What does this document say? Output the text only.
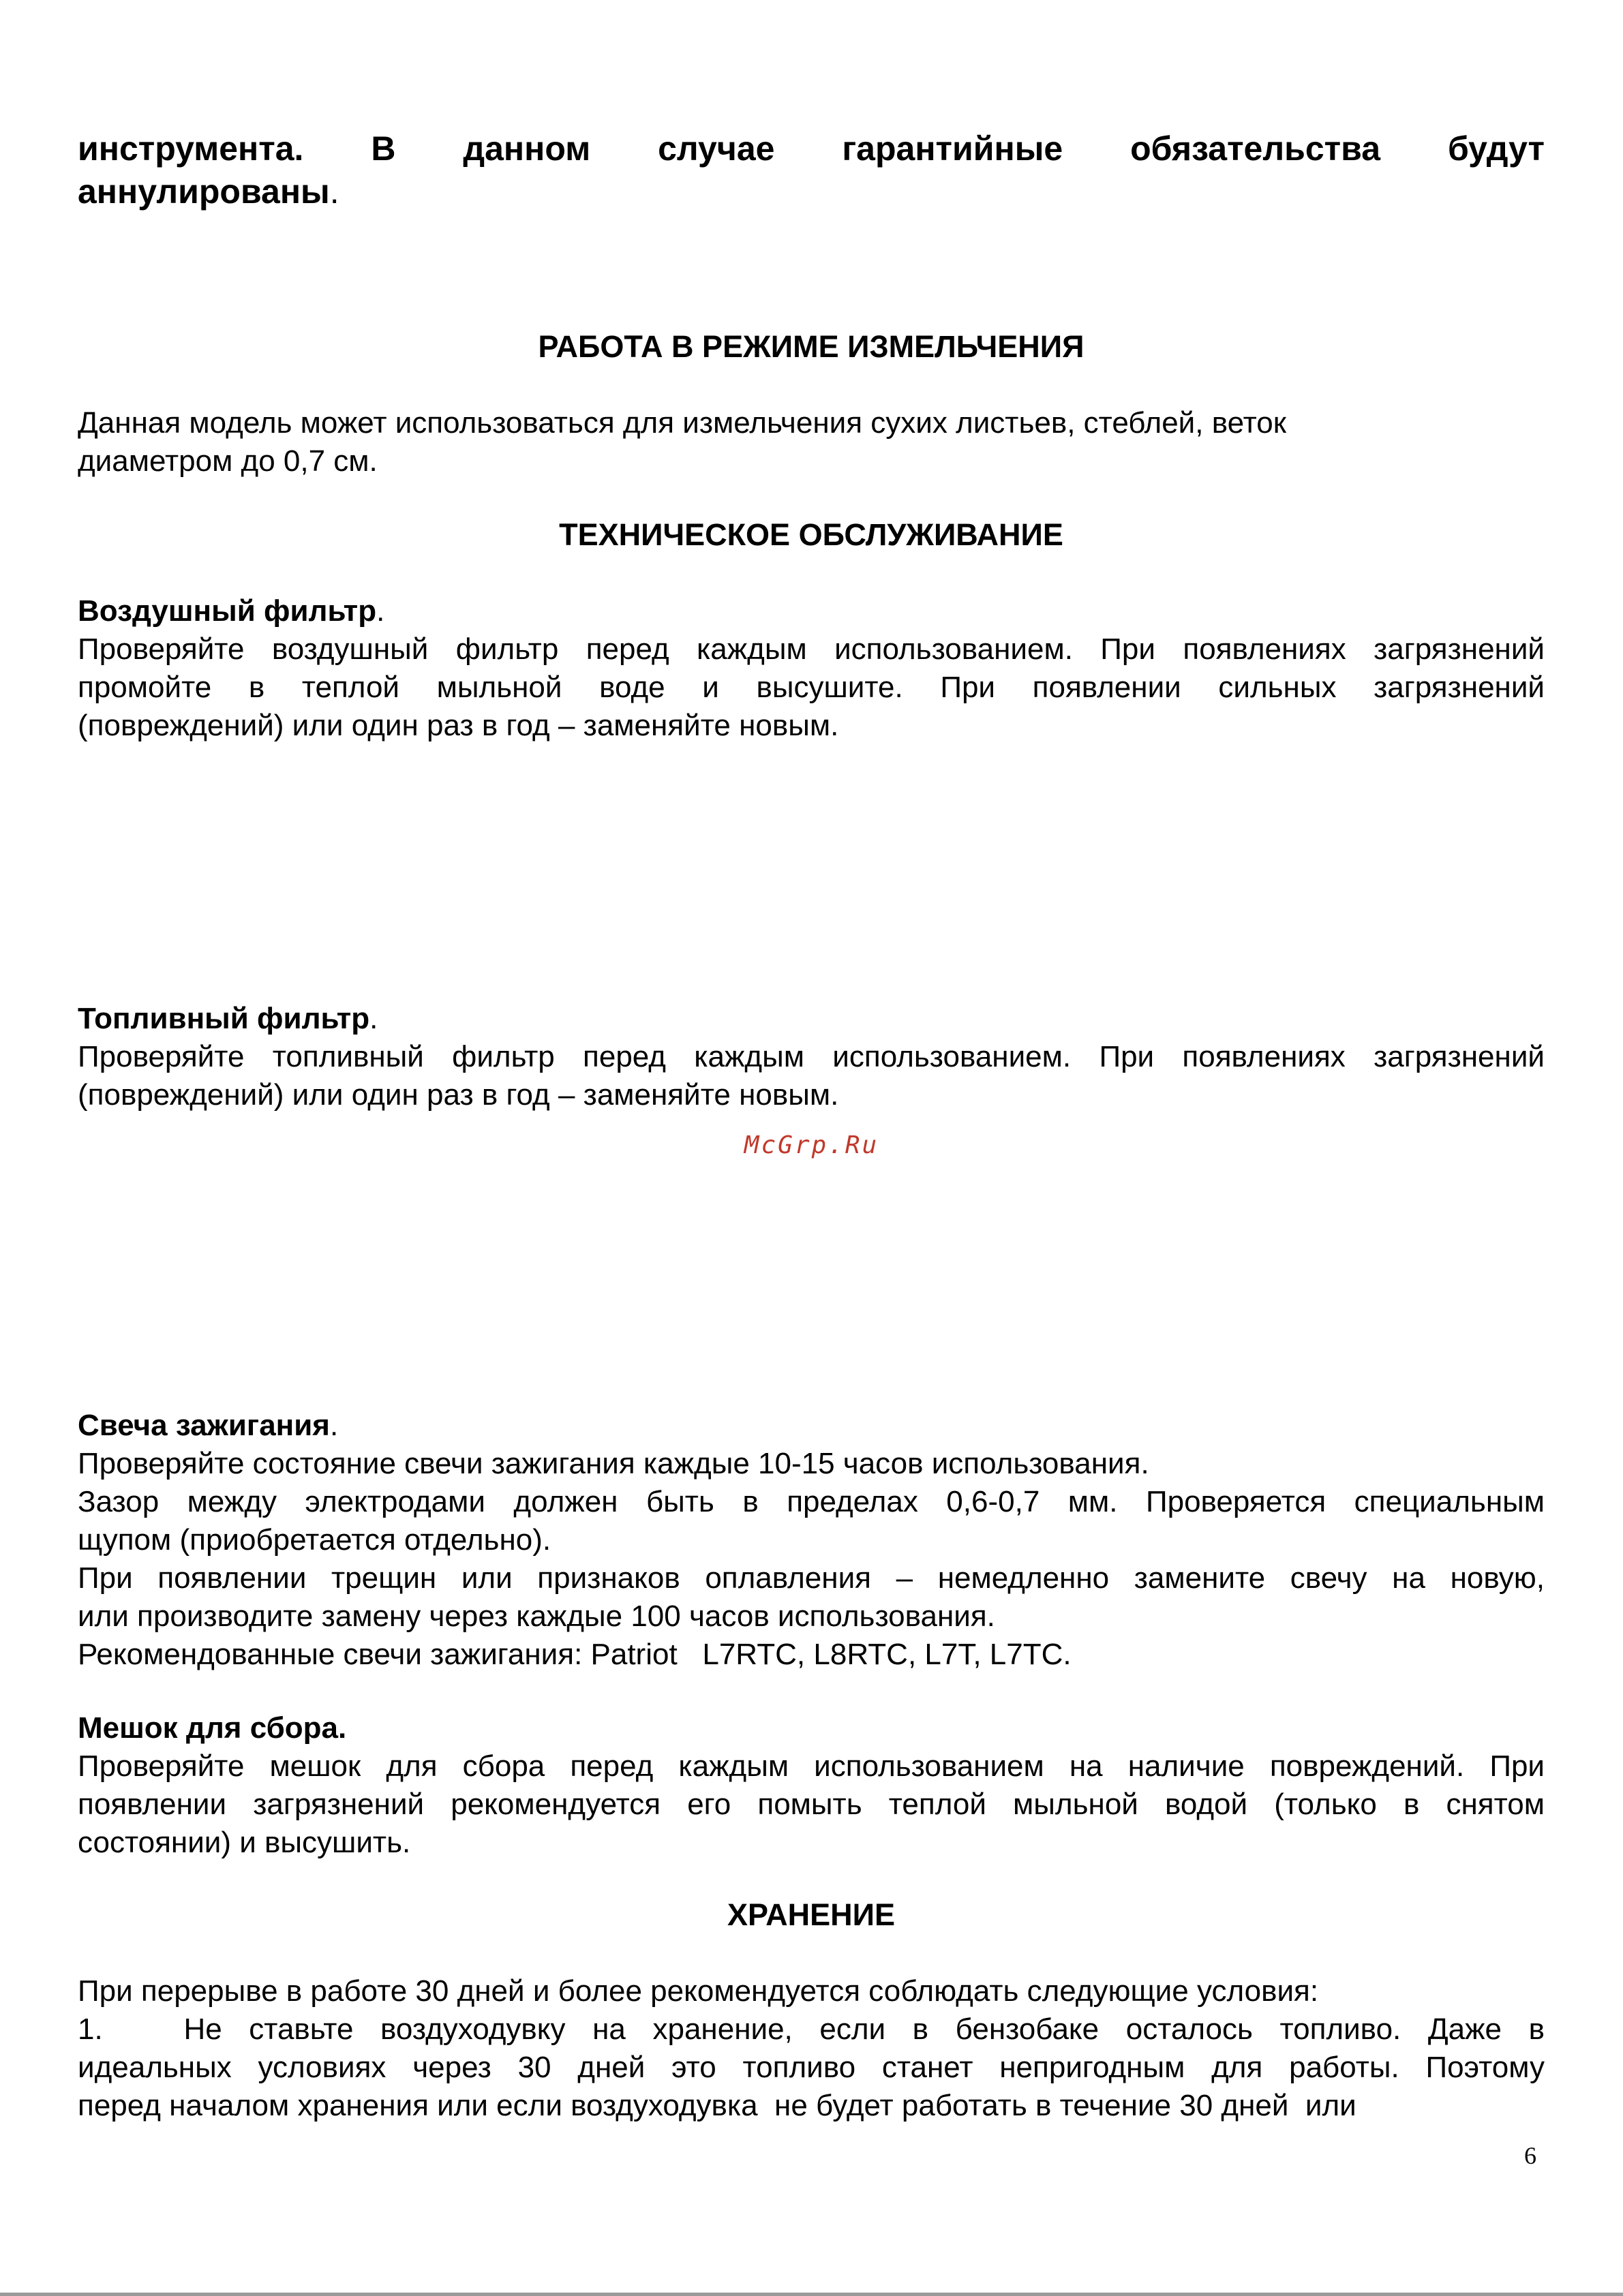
инструмента. В данном случае гарантийные обязательства будут
аннулированы.
РАБОТА В РЕЖИМЕ ИЗМЕЛЬЧЕНИЯ
Данная модель может использоваться для измельчения сухих листьев, стеблей, веток
диаметром до 0,7 см.
ТЕХНИЧЕСКОЕ ОБСЛУЖИВАНИЕ
Воздушный фильтр.
Проверяйте воздушный фильтр перед каждым использованием. При появлениях загрязнений
промойте в теплой мыльной воде и высушите. При появлении сильных загрязнений
(повреждений) или один раз в год – заменяйте новым.
Топливный фильтр.
Проверяйте топливный фильтр перед каждым использованием. При появлениях загрязнений
(повреждений) или один раз в год – заменяйте новым.
McGrp.Ru
Свеча зажигания.
Проверяйте состояние свечи зажигания каждые 10-15 часов использования.
Зазор между электродами должен быть в пределах 0,6-0,7 мм. Проверяется специальным
щупом (приобретается отдельно).
При появлении трещин или признаков оплавления – немедленно замените свечу на новую,
или производите замену через каждые 100 часов использования.
Рекомендованные свечи зажигания: Patriot   L7RTC, L8RTC, L7T, L7TC.
Мешок для сбора.
Проверяйте мешок для сбора перед каждым использованием на наличие повреждений. При
появлении загрязнений рекомендуется его помыть теплой мыльной водой (только в снятом
состоянии) и высушить.
ХРАНЕНИЕ
При перерыве в работе 30 дней и более рекомендуется соблюдать следующие условия:
1.   Не ставьте воздуходувку на хранение, если в бензобаке осталось топливо. Даже в
идеальных условиях через 30 дней это топливо станет непригодным для работы. Поэтому
перед началом хранения или если воздуходувка  не будет работать в течение 30 дней  или
6
